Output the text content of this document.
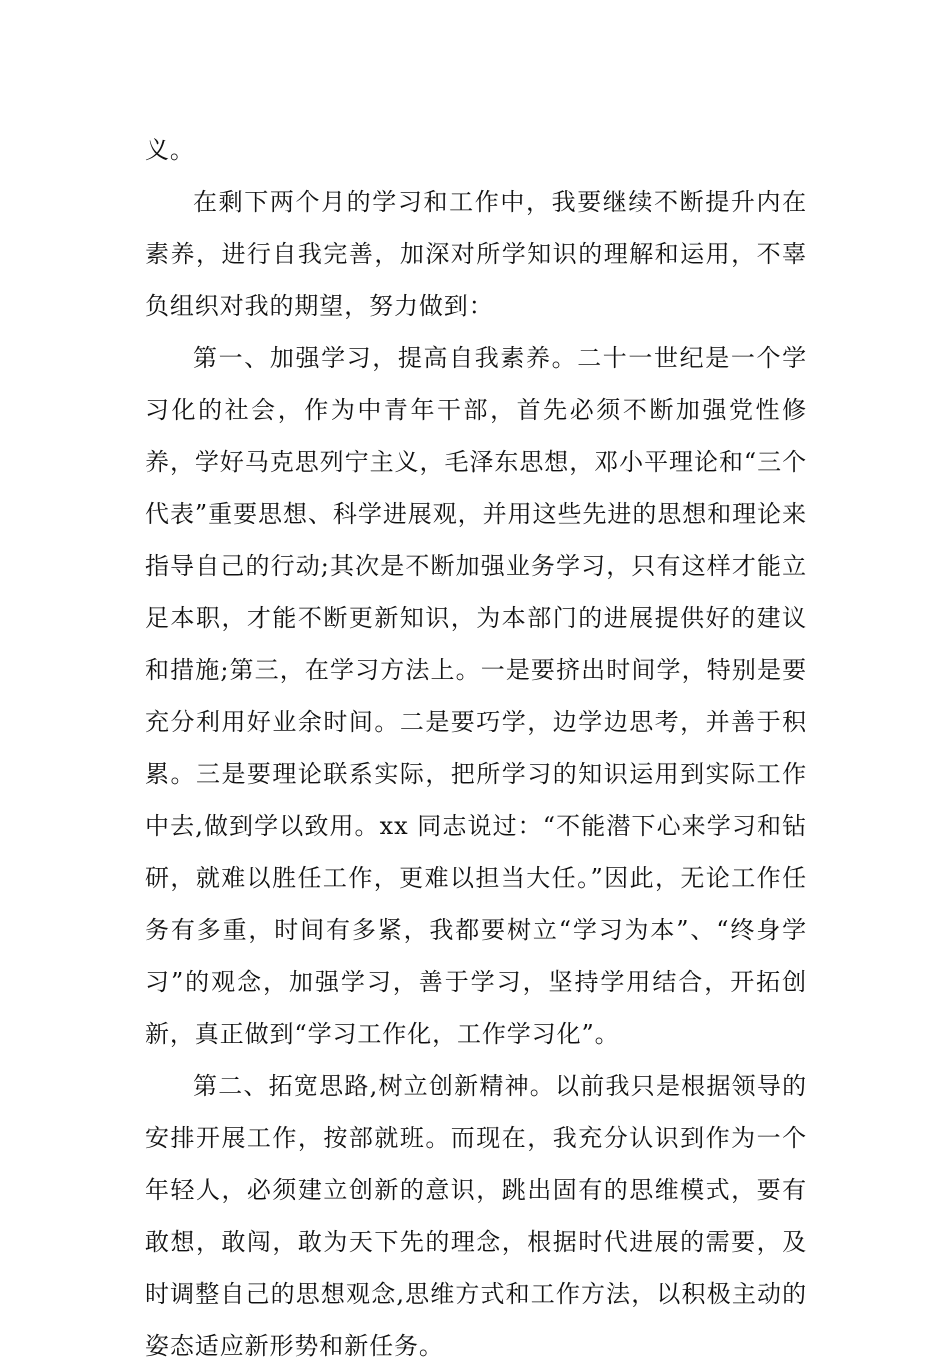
义。

在剩下两个月的学习和工作中，我要继续不断提升内在素养，进行自我完善，加深对所学知识的理解和运用，不辜负组织对我的期望，努力做到：

第一、加强学习，提高自我素养。二十一世纪是一个学习化的社会，作为中青年干部，首先必须不断加强党性修养，学好马克思列宁主义，毛泽东思想，邓小平理论和“三个代表”重要思想、科学进展观，并用这些先进的思想和理论来指导自己的行动;其次是不断加强业务学习，只有这样才能立足本职，才能不断更新知识，为本部门的进展提供好的建议和措施;第三，在学习方法上。一是要挤出时间学，特别是要充分利用好业余时间。二是要巧学，边学边思考，并善于积累。三是要理论联系实际，把所学习的知识运用到实际工作中去,做到学以致用。xx 同志说过：“不能潜下心来学习和钻研，就难以胜任工作，更难以担当大任。”因此，无论工作任务有多重，时间有多紧，我都要树立“学习为本”、“终身学习”的观念，加强学习，善于学习，坚持学用结合，开拓创新，真正做到“学习工作化，工作学习化”。

第二、拓宽思路,树立创新精神。以前我只是根据领导的安排开展工作，按部就班。而现在，我充分认识到作为一个年轻人，必须建立创新的意识，跳出固有的思维模式，要有敢想，敢闯，敢为天下先的理念，根据时代进展的需要，及时调整自己的思想观念,思维方式和工作方法，以积极主动的姿态适应新形势和新任务。
